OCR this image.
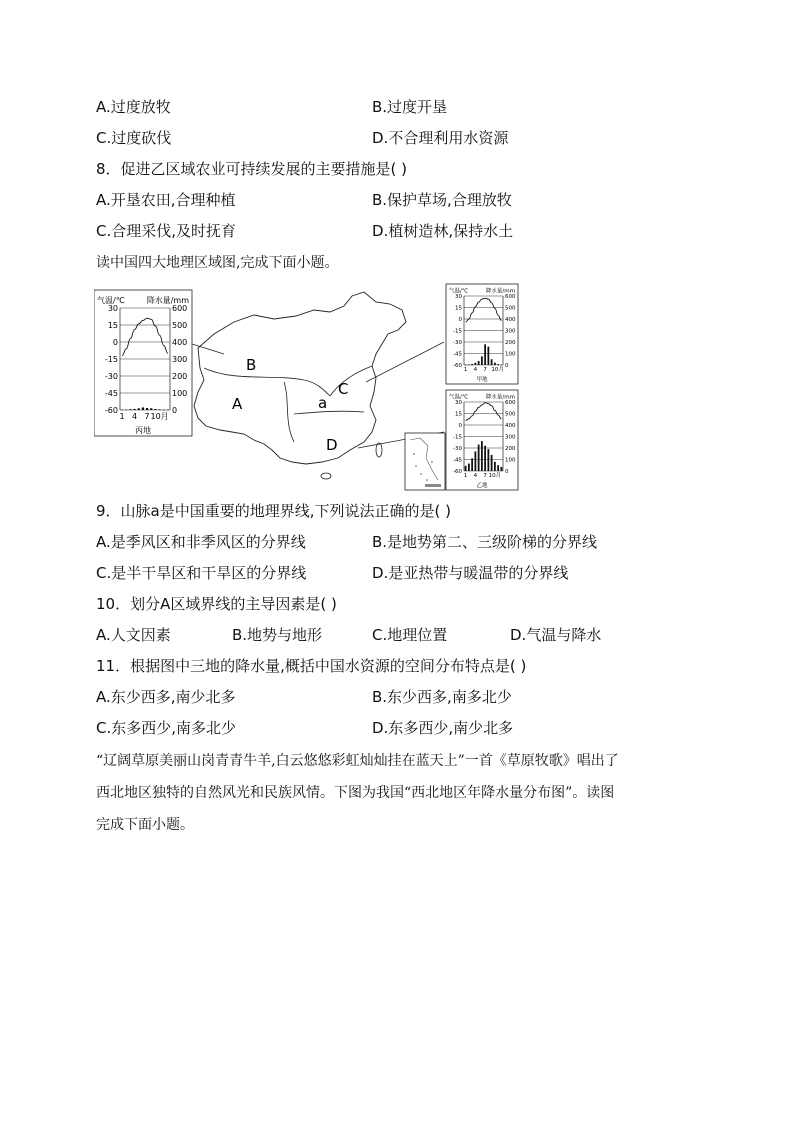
A.过度放牧	B.过度开垦
C.过度砍伐	D.不合理利用水资源
8．促进乙区域农业可持续发展的主要措施是( )
A.开垦农田,合理种植	B.保护草场,合理放牧
C.合理采伐,及时抚育	D.植树造林,保持水土
读中国四大地理区域图,完成下面小题。
A
B
C
D
a
气温/℃	降水量/mm
30	600
15	500
0	400
-15	300
-30	200
-45	100
-60	0
1 4 7 10月
丙地
气温/℃	降水量/mm
30	600
15	500
0	400
-15	300
-30	200
-45	100
-60	0
1 4 7 10 月
甲地
气温/℃	降水量/mm
30	600
15	500
0	400
-15	300
-30	200
-45	100
-60	0
1 4 7 10月
乙地
9．山脉a是中国重要的地理界线,下列说法正确的是( )
A.是季风区和非季风区的分界线	B.是地势第二、三级阶梯的分界线
C.是半干旱区和干旱区的分界线	D.是亚热带与暖温带的分界线
10．划分A区域界线的主导因素是( )
A.人文因素	B.地势与地形	C.地理位置	D.气温与降水
11．根据图中三地的降水量,概括中国水资源的空间分布特点是( )
A.东少西多,南少北多	B.东少西多,南多北少
C.东多西少,南多北少	D.东多西少,南少北多
“辽阔草原美丽山岗青青牛羊,白云悠悠彩虹灿灿挂在蓝天上”一首《草原牧歌》唱出了
西北地区独特的自然风光和民族风情。下图为我国“西北地区年降水量分布图”。读图
完成下面小题。
